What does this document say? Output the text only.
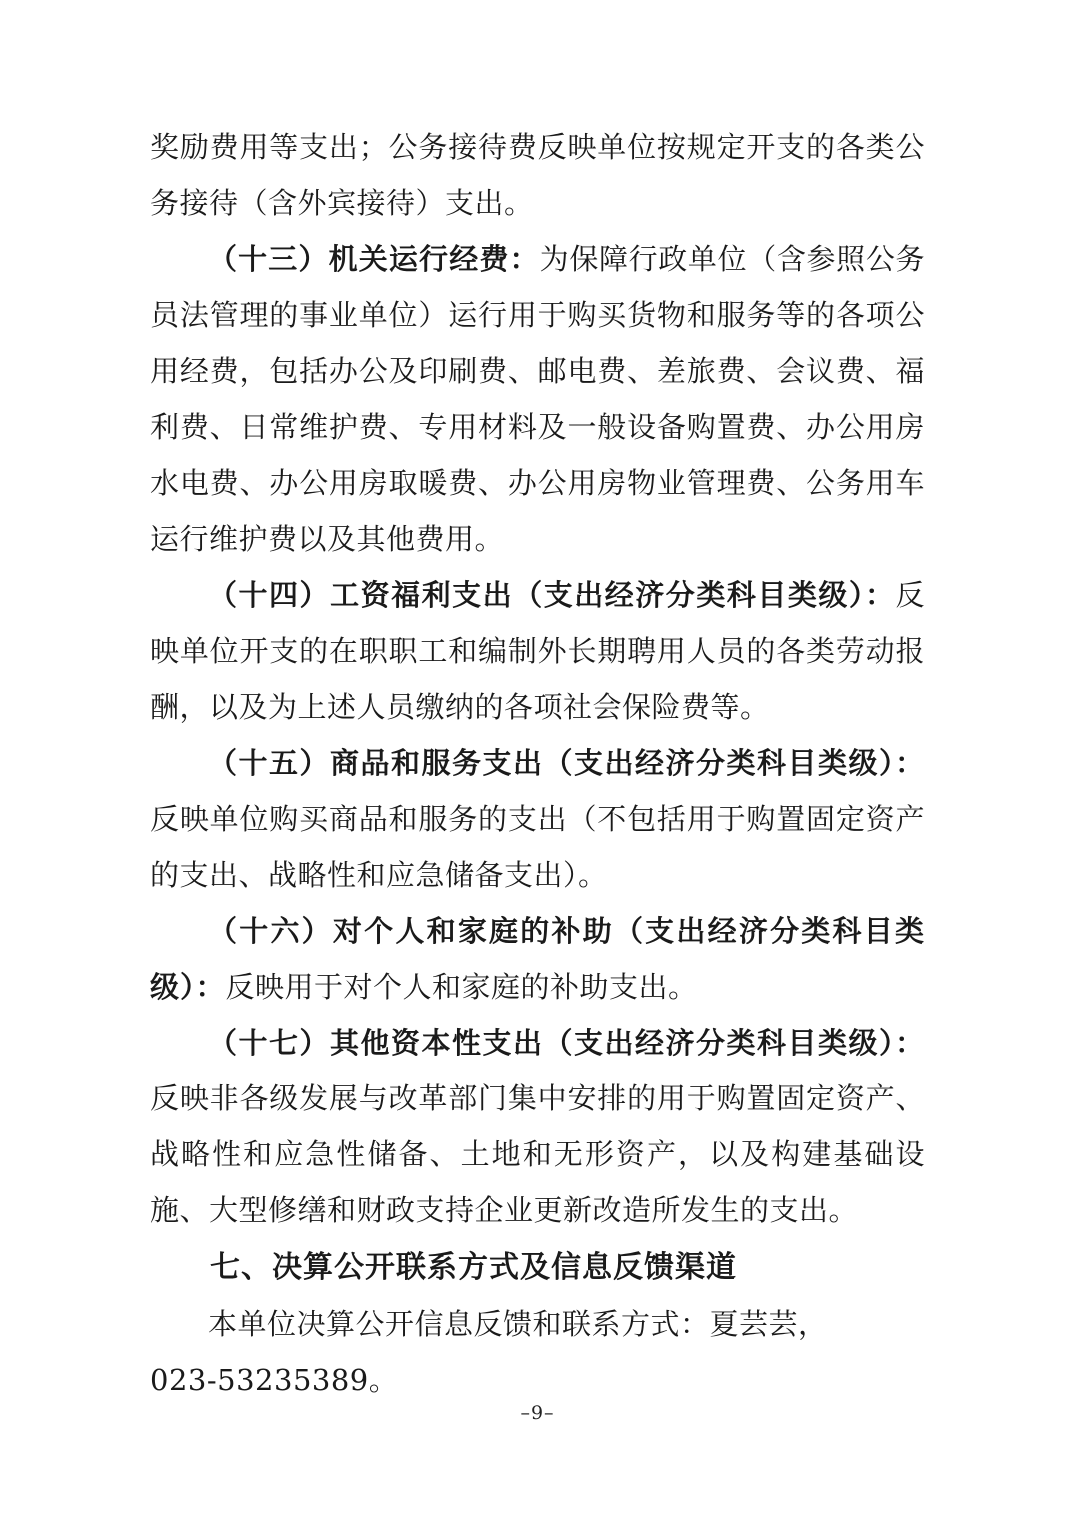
奖励费用等支出；公务接待费反映单位按规定开支的各类公务接待（含外宾接待）支出。

（十三）机关运行经费：为保障行政单位（含参照公务员法管理的事业单位）运行用于购买货物和服务等的各项公用经费，包括办公及印刷费、邮电费、差旅费、会议费、福利费、日常维护费、专用材料及一般设备购置费、办公用房水电费、办公用房取暖费、办公用房物业管理费、公务用车运行维护费以及其他费用。

（十四）工资福利支出（支出经济分类科目类级）：反映单位开支的在职职工和编制外长期聘用人员的各类劳动报酬，以及为上述人员缴纳的各项社会保险费等。

（十五）商品和服务支出（支出经济分类科目类级）：反映单位购买商品和服务的支出（不包括用于购置固定资产的支出、战略性和应急储备支出）。

（十六）对个人和家庭的补助（支出经济分类科目类级）：反映用于对个人和家庭的补助支出。

（十七）其他资本性支出（支出经济分类科目类级）：反映非各级发展与改革部门集中安排的用于购置固定资产、战略性和应急性储备、土地和无形资产，以及构建基础设施、大型修缮和财政支持企业更新改造所发生的支出。

七、决算公开联系方式及信息反馈渠道

本单位决算公开信息反馈和联系方式：夏芸芸，

023-53235389。

–9–
